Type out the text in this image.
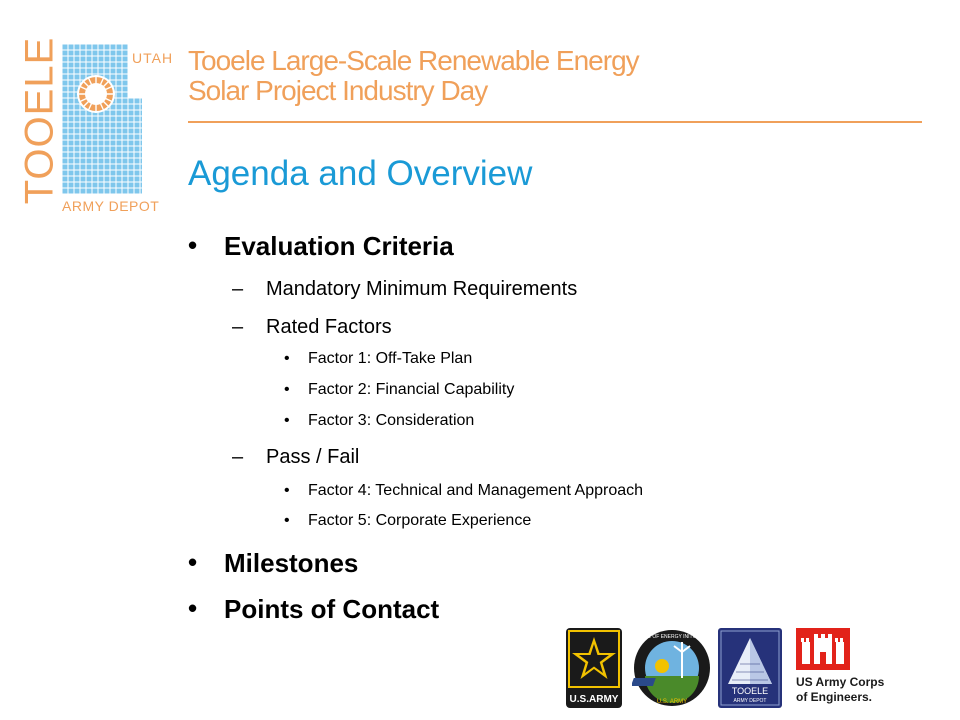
TOOELE	UTAH
ARMY DEPOT
Tooele Large-Scale Renewable Energy
Solar Project Industry Day
Agenda and Overview
• Evaluation Criteria
– Mandatory Minimum Requirements
– Rated Factors
• Factor 1: Off-Take Plan
• Factor 2: Financial Capability
• Factor 3: Consideration
– Pass / Fail
• Factor 4: Technical and Management Approach
• Factor 5: Corporate Experience
• Milestones
• Points of Contact
U.S.ARMY
OFFICE OF ENERGY INITIATIVES
U.S. ARMY
TOOELE
ARMY DEPOT
US Army Corps
of Engineers.
